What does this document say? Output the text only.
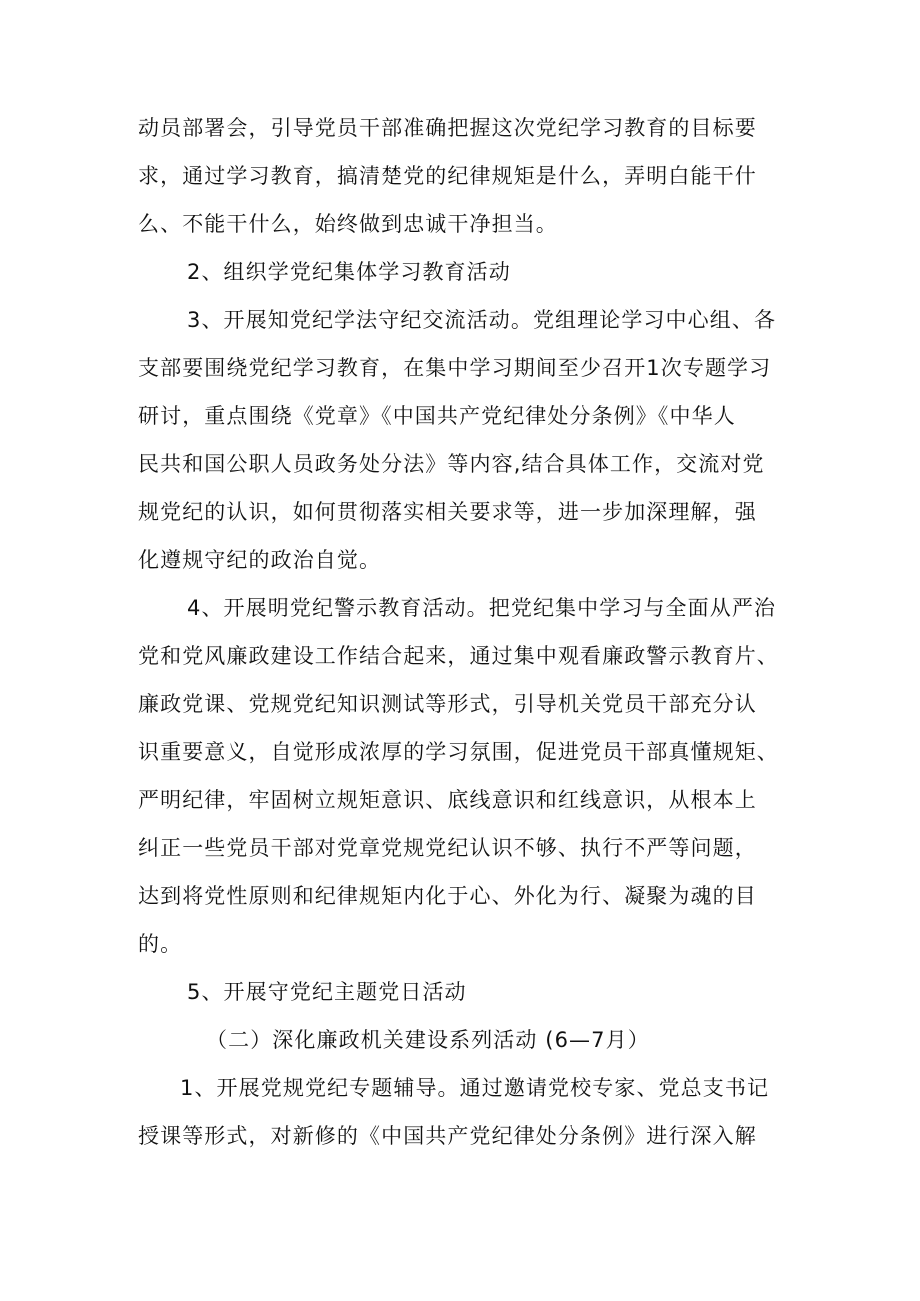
动员部署会，引导党员干部准确把握这次党纪学习教育的目标要
求，通过学习教育，搞清楚党的纪律规矩是什么，弄明白能干什
么、不能干什么，始终做到忠诚干净担当。
2、组织学党纪集体学习教育活动
3、开展知党纪学法守纪交流活动。党组理论学习中心组、各
支部要围绕党纪学习教育，在集中学习期间至少召开1次专题学习
研讨，重点围绕《党章》《中国共产党纪律处分条例》《中华人
民共和国公职人员政务处分法》等内容,结合具体工作，交流对党
规党纪的认识，如何贯彻落实相关要求等，进一步加深理解，强
化遵规守纪的政治自觉。
4、开展明党纪警示教育活动。把党纪集中学习与全面从严治
党和党风廉政建设工作结合起来，通过集中观看廉政警示教育片、
廉政党课、党规党纪知识测试等形式，引导机关党员干部充分认
识重要意义，自觉形成浓厚的学习氛围，促进党员干部真懂规矩、
严明纪律，牢固树立规矩意识、底线意识和红线意识，从根本上
纠正一些党员干部对党章党规党纪认识不够、执行不严等问题，
达到将党性原则和纪律规矩内化于心、外化为行、凝聚为魂的目
的。
5、开展守党纪主题党日活动
（二）深化廉政机关建设系列活动 (6—7月）
1、开展党规党纪专题辅导。通过邀请党校专家、党总支书记
授课等形式，对新修的《中国共产党纪律处分条例》进行深入解
